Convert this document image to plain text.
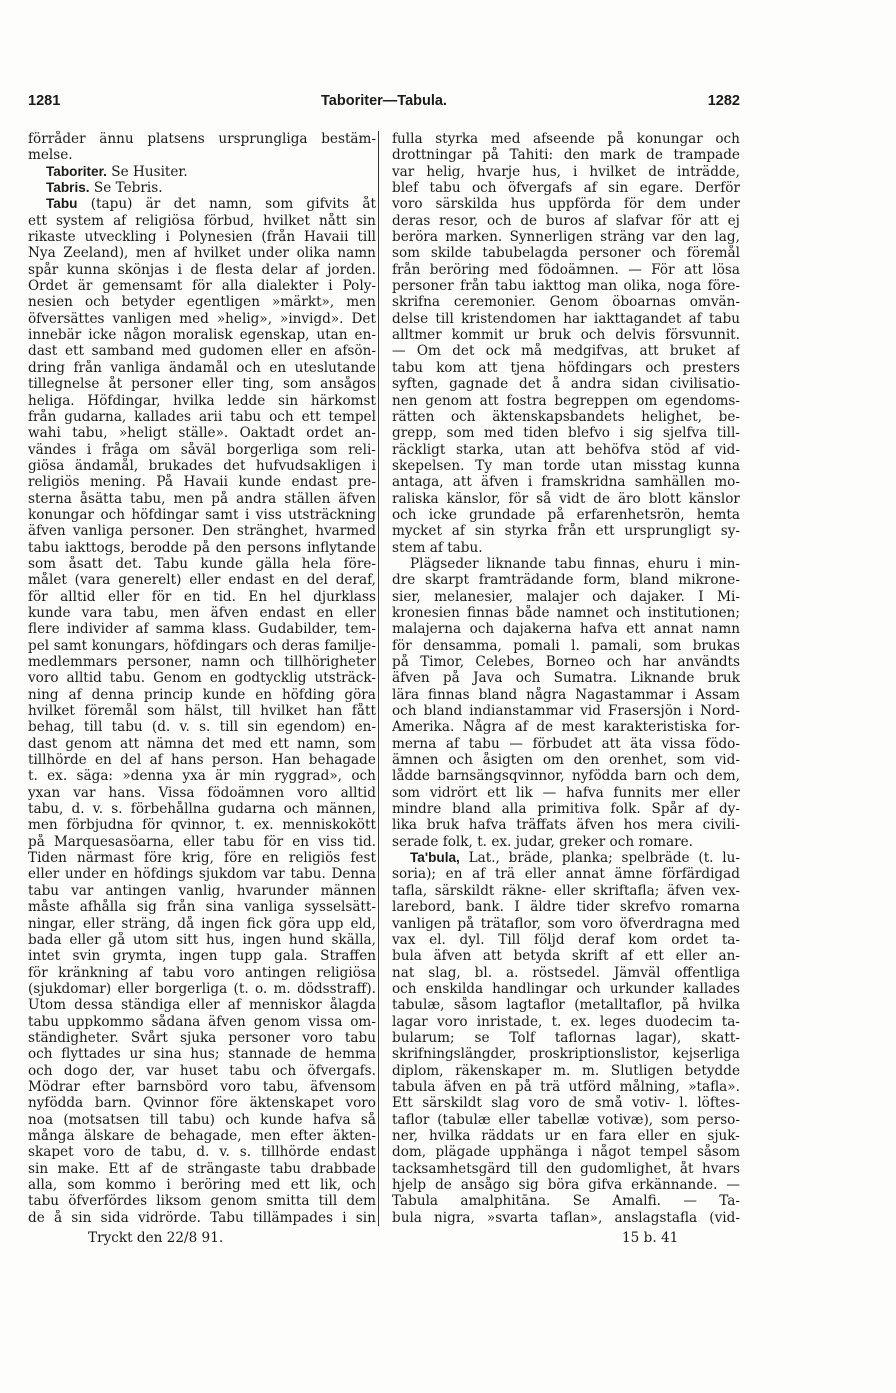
1281	Taboriter—Tabula.	1282
förråder ännu platsens ursprungliga bestäm-
melse.
Taboriter. Se Husiter.
Tabris. Se Tebris.
Tabu (tapu) är det namn, som gifvits åt
ett system af religiösa förbud, hvilket nått sin
rikaste utveckling i Polynesien (från Havaii till
Nya Zeeland), men af hvilket under olika namn
spår kunna skönjas i de flesta delar af jorden.
Ordet är gemensamt för alla dialekter i Poly-
nesien och betyder egentligen »märkt», men
öfversättes vanligen med »helig», »invigd». Det
innebär icke någon moralisk egenskap, utan en-
dast ett samband med gudomen eller en afsön-
dring från vanliga ändamål och en uteslutande
tillegnelse åt personer eller ting, som ansågos
heliga. Höfdingar, hvilka ledde sin härkomst
från gudarna, kallades arii tabu och ett tempel
wahi tabu, »heligt ställe». Oaktadt ordet an-
vändes i fråga om såväl borgerliga som reli-
giösa ändamål, brukades det hufvudsakligen i
religiös mening. På Havaii kunde endast pre-
sterna åsätta tabu, men på andra ställen äfven
konungar och höfdingar samt i viss utsträckning
äfven vanliga personer. Den stränghet, hvarmed
tabu iakttogs, berodde på den persons inflytande
som åsatt det. Tabu kunde gälla hela före-
målet (vara generelt) eller endast en del deraf,
för alltid eller för en tid. En hel djurklass
kunde vara tabu, men äfven endast en eller
flere individer af samma klass. Gudabilder, tem-
pel samt konungars, höfdingars och deras familje-
medlemmars personer, namn och tillhörigheter
voro alltid tabu. Genom en godtycklig utsträck-
ning af denna princip kunde en höfding göra
hvilket föremål som hälst, till hvilket han fått
behag, till tabu (d. v. s. till sin egendom) en-
dast genom att nämna det med ett namn, som
tillhörde en del af hans person. Han behagade
t. ex. säga: »denna yxa är min ryggrad», och
yxan var hans. Vissa födoämnen voro alltid
tabu, d. v. s. förbehållna gudarna och männen,
men förbjudna för qvinnor, t. ex. menniskokött
på Marquesasöarna, eller tabu för en viss tid.
Tiden närmast före krig, före en religiös fest
eller under en höfdings sjukdom var tabu. Denna
tabu var antingen vanlig, hvarunder männen
måste afhålla sig från sina vanliga sysselsätt-
ningar, eller sträng, då ingen fick göra upp eld,
bada eller gå utom sitt hus, ingen hund skälla,
intet svin grymta, ingen tupp gala. Straffen
för kränkning af tabu voro antingen religiösa
(sjukdomar) eller borgerliga (t. o. m. dödsstraff).
Utom dessa ständiga eller af menniskor ålagda
tabu uppkommo sådana äfven genom vissa om-
ständigheter. Svårt sjuka personer voro tabu
och flyttades ur sina hus; stannade de hemma
och dogo der, var huset tabu och öfvergafs.
Mödrar efter barnsbörd voro tabu, äfvensom
nyfödda barn. Qvinnor före äktenskapet voro
noa (motsatsen till tabu) och kunde hafva så
många älskare de behagade, men efter äkten-
skapet voro de tabu, d. v. s. tillhörde endast
sin make. Ett af de strängaste tabu drabbade
alla, som kommo i beröring med ett lik, och
tabu öfverfördes liksom genom smitta till dem
de å sin sida vidrörde. Tabu tillämpades i sin
fulla styrka med afseende på konungar och
drottningar på Tahiti: den mark de trampade
var helig, hvarje hus, i hvilket de inträdde,
blef tabu och öfvergafs af sin egare. Derför
voro särskilda hus uppförda för dem under
deras resor, och de buros af slafvar för att ej
beröra marken. Synnerligen sträng var den lag,
som skilde tabubelagda personer och föremål
från beröring med födoämnen. — För att lösa
personer från tabu iakttog man olika, noga före-
skrifna ceremonier. Genom öboarnas omvän-
delse till kristendomen har iakttagandet af tabu
alltmer kommit ur bruk och delvis försvunnit.
— Om det ock må medgifvas, att bruket af
tabu kom att tjena höfdingars och presters
syften, gagnade det å andra sidan civilisatio-
nen genom att fostra begreppen om egendoms-
rätten och äktenskapsbandets helighet, be-
grepp, som med tiden blefvo i sig sjelfva till-
räckligt starka, utan att behöfva stöd af vid-
skepelsen. Ty man torde utan misstag kunna
antaga, att äfven i framskridna samhällen mo-
raliska känslor, för så vidt de äro blott känslor
och icke grundade på erfarenhetsrön, hemta
mycket af sin styrka från ett ursprungligt sy-
stem af tabu.
Plägseder liknande tabu finnas, ehuru i min-
dre skarpt framträdande form, bland mikrone-
sier, melanesier, malajer och dajaker. I Mi-
kronesien finnas både namnet och institutionen;
malajerna och dajakerna hafva ett annat namn
för densamma, pomali l. pamali, som brukas
på Timor, Celebes, Borneo och har användts
äfven på Java och Sumatra. Liknande bruk
lära finnas bland några Nagastammar i Assam
och bland indianstammar vid Frasersjön i Nord-
Amerika. Några af de mest karakteristiska for-
merna af tabu — förbudet att äta vissa födo-
ämnen och åsigten om den orenhet, som vid-
lådde barnsängsqvinnor, nyfödda barn och dem,
som vidrört ett lik — hafva funnits mer eller
mindre bland alla primitiva folk. Spår af dy-
lika bruk hafva träffats äfven hos mera civili-
serade folk, t. ex. judar, greker och romare.
Ta'bula, Lat., bräde, planka; spelbräde (t. lu-
soria); en af trä eller annat ämne förfärdigad
tafla, särskildt räkne- eller skriftafla; äfven vex-
larebord, bank. I äldre tider skrefvo romarna
vanligen på trätaflor, som voro öfverdragna med
vax el. dyl. Till följd deraf kom ordet ta-
bula äfven att betyda skrift af ett eller an-
nat slag, bl. a. röstsedel. Jämväl offentliga
och enskilda handlingar och urkunder kallades
tabulæ, såsom lagtaflor (metalltaflor, på hvilka
lagar voro inristade, t. ex. leges duodecim ta-
bularum; se Tolf taflornas lagar), skatt-
skrifningslängder, proskriptionslistor, kejserliga
diplom, räkenskaper m. m. Slutligen betydde
tabula äfven en på trä utförd målning, »tafla».
Ett särskildt slag voro de små votiv- l. löftes-
taflor (tabulæ eller tabellæ votivæ), som perso-
ner, hvilka räddats ur en fara eller en sjuk-
dom, plägade upphänga i något tempel såsom
tacksamhetsgärd till den gudomlighet, åt hvars
hjelp de ansågo sig böra gifva erkännande. —
Tabula amalphitāna. Se Amalfi. — Ta-
bula nigra, »svarta taflan», anslagstafla (vid-
Tryckt den 22/8 91.	15 b. 41
